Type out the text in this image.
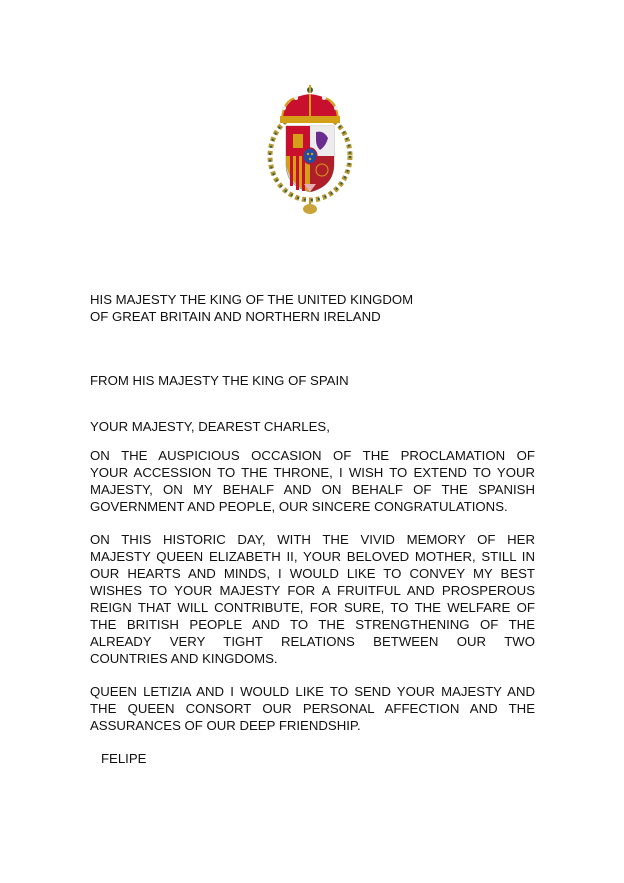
HIS MAJESTY THE KING OF THE UNITED KINGDOM
OF GREAT BRITAIN AND NORTHERN IRELAND
FROM HIS MAJESTY THE KING OF SPAIN
YOUR MAJESTY, DEAREST CHARLES,
ON THE AUSPICIOUS OCCASION OF THE PROCLAMATION OF
YOUR ACCESSION TO THE THRONE, I WISH TO EXTEND TO YOUR
MAJESTY, ON MY BEHALF AND ON BEHALF OF THE SPANISH
GOVERNMENT AND PEOPLE, OUR SINCERE CONGRATULATIONS.
ON THIS HISTORIC DAY, WITH THE VIVID MEMORY OF HER
MAJESTY QUEEN ELIZABETH II, YOUR BELOVED MOTHER, STILL IN
OUR HEARTS AND MINDS, I WOULD LIKE TO CONVEY MY BEST
WISHES TO YOUR MAJESTY FOR A FRUITFUL AND PROSPEROUS
REIGN THAT WILL CONTRIBUTE, FOR SURE, TO THE WELFARE OF
THE BRITISH PEOPLE AND TO THE STRENGTHENING OF THE
ALREADY VERY TIGHT RELATIONS BETWEEN OUR TWO
COUNTRIES AND KINGDOMS.
QUEEN LETIZIA AND I WOULD LIKE TO SEND YOUR MAJESTY AND
THE QUEEN CONSORT OUR PERSONAL AFFECTION AND THE
ASSURANCES OF OUR DEEP FRIENDSHIP.
FELIPE
